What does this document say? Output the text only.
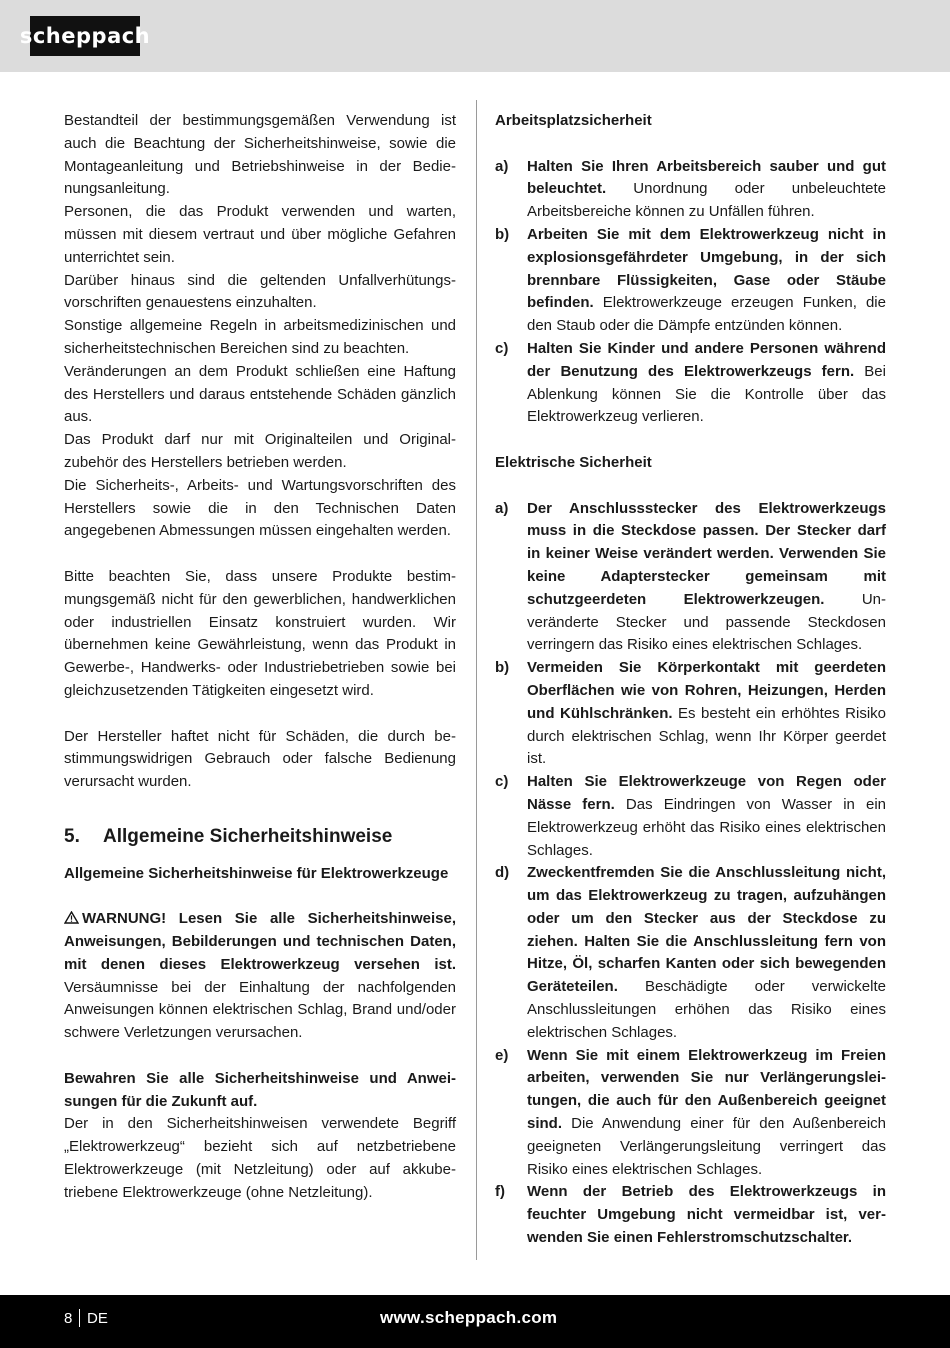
scheppach

Bestandteil der bestimmungsgemäßen Verwendung ist auch die Beachtung der Sicherheitshinweise, sowie die Montageanleitung und Betriebshinweise in der Bedienungsanleitung.

Personen, die das Produkt verwenden und warten, müssen mit diesem vertraut und über mögliche Gefahren unterrichtet sein.

Darüber hinaus sind die geltenden Unfallverhütungsvorschriften genauestens einzuhalten.

Sonstige allgemeine Regeln in arbeitsmedizinischen und sicherheitstechnischen Bereichen sind zu beachten.

Veränderungen an dem Produkt schließen eine Haftung des Herstellers und daraus entstehende Schäden gänzlich aus.

Das Produkt darf nur mit Originalteilen und Originalzubehör des Herstellers betrieben werden.

Die Sicherheits-, Arbeits- und Wartungsvorschriften des Herstellers sowie die in den Technischen Daten angegebenen Abmessungen müssen eingehalten werden.

Bitte beachten Sie, dass unsere Produkte bestimmungsgemäß nicht für den gewerblichen, handwerklichen oder industriellen Einsatz konstruiert wurden. Wir übernehmen keine Gewährleistung, wenn das Produkt in Gewerbe-, Handwerks- oder Industriebetrieben sowie bei gleichzusetzenden Tätigkeiten eingesetzt wird.

Der Hersteller haftet nicht für Schäden, die durch bestimmungswidrigen Gebrauch oder falsche Bedienung verursacht wurden.

5.	Allgemeine Sicherheitshinweise

Allgemeine Sicherheitshinweise für Elektrowerkzeuge

WARNUNG! Lesen Sie alle Sicherheitshinweise, Anweisungen, Bebilderungen und technischen Daten, mit denen dieses Elektrowerkzeug versehen ist. Versäumnisse bei der Einhaltung der nachfolgenden Anweisungen können elektrischen Schlag, Brand und/oder schwere Verletzungen verursachen.

Bewahren Sie alle Sicherheitshinweise und Anweisungen für die Zukunft auf.

Der in den Sicherheitshinweisen verwendete Begriff „Elektrowerkzeug“ bezieht sich auf netzbetriebene Elektrowerkzeuge (mit Netzleitung) oder auf akkubetriebene Elektrowerkzeuge (ohne Netzleitung).

Arbeitsplatzsicherheit

a)	Halten Sie Ihren Arbeitsbereich sauber und gut beleuchtet. Unordnung oder unbeleuchtete Arbeitsbereiche können zu Unfällen führen.

b)	Arbeiten Sie mit dem Elektrowerkzeug nicht in explosionsgefährdeter Umgebung, in der sich brennbare Flüssigkeiten, Gase oder Stäube befinden. Elektrowerkzeuge erzeugen Funken, die den Staub oder die Dämpfe entzünden können.

c)	Halten Sie Kinder und andere Personen während der Benutzung des Elektrowerkzeugs fern. Bei Ablenkung können Sie die Kontrolle über das Elektrowerkzeug verlieren.

Elektrische Sicherheit

a)	Der Anschlussstecker des Elektrowerkzeugs muss in die Steckdose passen. Der Stecker darf in keiner Weise verändert werden. Verwenden Sie keine Adapterstecker gemeinsam mit schutzgeerdeten Elektrowerkzeugen. Unveränderte Stecker und passende Steckdosen verringern das Risiko eines elektrischen Schlages.

b)	Vermeiden Sie Körperkontakt mit geerdeten Oberflächen wie von Rohren, Heizungen, Herden und Kühlschränken. Es besteht ein erhöhtes Risiko durch elektrischen Schlag, wenn Ihr Körper geerdet ist.

c)	Halten Sie Elektrowerkzeuge von Regen oder Nässe fern. Das Eindringen von Wasser in ein Elektrowerkzeug erhöht das Risiko eines elektrischen Schlages.

d)	Zweckentfremden Sie die Anschlussleitung nicht, um das Elektrowerkzeug zu tragen, aufzuhängen oder um den Stecker aus der Steckdose zu ziehen. Halten Sie die Anschlussleitung fern von Hitze, Öl, scharfen Kanten oder sich bewegenden Geräteteilen. Beschädigte oder verwickelte Anschlussleitungen erhöhen das Risiko eines elektrischen Schlages.

e)	Wenn Sie mit einem Elektrowerkzeug im Freien arbeiten, verwenden Sie nur Verlängerungsleitungen, die auch für den Außenbereich geeignet sind. Die Anwendung einer für den Außenbereich geeigneten Verlängerungsleitung verringert das Risiko eines elektrischen Schlages.

f)	Wenn der Betrieb des Elektrowerkzeugs in feuchter Umgebung nicht vermeidbar ist, verwenden Sie einen Fehlerstromschutzschalter.

8 DE	www.scheppach.com
